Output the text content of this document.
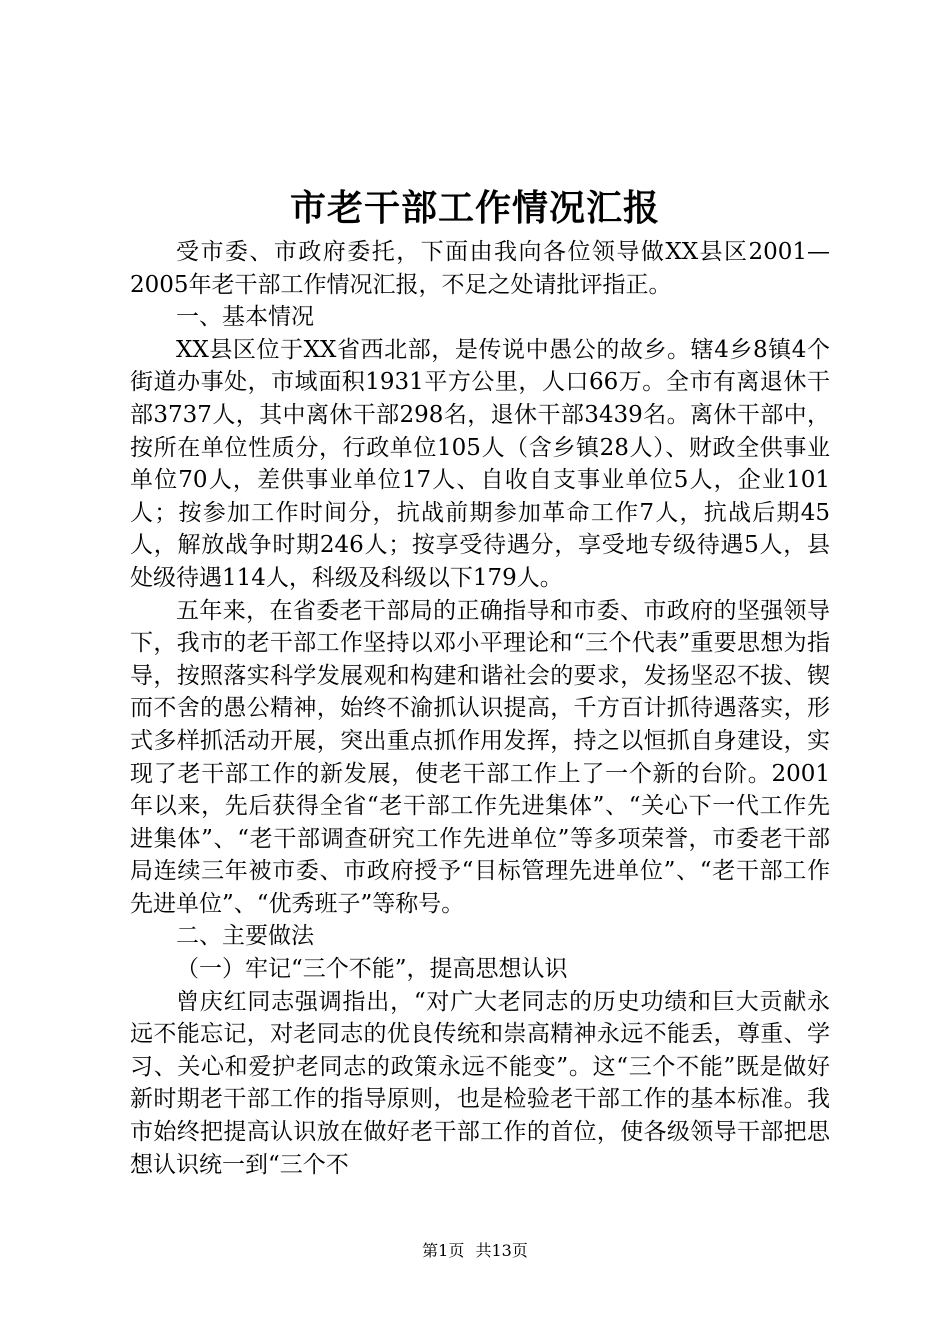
市老干部工作情况汇报

受市委、市政府委托，下面由我向各位领导做XX县区2001—2005年老干部工作情况汇报，不足之处请批评指正。

一、基本情况

XX县区位于XX省西北部，是传说中愚公的故乡。辖4乡8镇4个街道办事处，市域面积1931平方公里，人口66万。全市有离退休干部3737人，其中离休干部298名，退休干部3439名。离休干部中，按所在单位性质分，行政单位105人（含乡镇28人）、财政全供事业单位70人，差供事业单位17人、自收自支事业单位5人，企业101人；按参加工作时间分，抗战前期参加革命工作7人，抗战后期45人，解放战争时期246人；按享受待遇分，享受地专级待遇5人，县处级待遇114人，科级及科级以下179人。

五年来，在省委老干部局的正确指导和市委、市政府的坚强领导下，我市的老干部工作坚持以邓小平理论和“三个代表”重要思想为指导，按照落实科学发展观和构建和谐社会的要求，发扬坚忍不拔、锲而不舍的愚公精神，始终不渝抓认识提高，千方百计抓待遇落实，形式多样抓活动开展，突出重点抓作用发挥，持之以恒抓自身建设，实现了老干部工作的新发展，使老干部工作上了一个新的台阶。2001年以来，先后获得全省“老干部工作先进集体”、“关心下一代工作先进集体”、“老干部调查研究工作先进单位”等多项荣誉，市委老干部局连续三年被市委、市政府授予“目标管理先进单位”、“老干部工作先进单位”、“优秀班子”等称号。

二、主要做法

（一）牢记“三个不能”，提高思想认识

曾庆红同志强调指出，“对广大老同志的历史功绩和巨大贡献永远不能忘记，对老同志的优良传统和崇高精神永远不能丢，尊重、学习、关心和爱护老同志的政策永远不能变”。这“三个不能”既是做好新时期老干部工作的指导原则，也是检验老干部工作的基本标准。我市始终把提高认识放在做好老干部工作的首位，使各级领导干部把思想认识统一到“三个不

第1页 共13页
